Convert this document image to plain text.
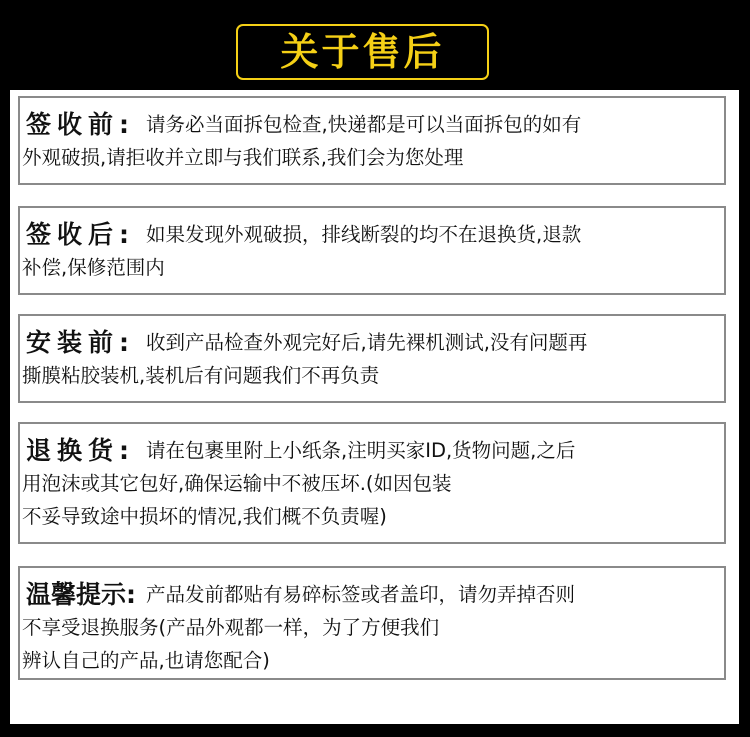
关于售后
签收前: 请务必当面拆包检查,快递都是可以当面拆包的如有
外观破损,请拒收并立即与我们联系,我们会为您处理
签收后: 如果发现外观破损，排线断裂的均不在退换货,退款
补偿,保修范围内
安装前: 收到产品检查外观完好后,请先裸机测试,没有问题再
撕膜粘胶装机,装机后有问题我们不再负责
退换货: 请在包裹里附上小纸条,注明买家ID,货物问题,之后
用泡沫或其它包好,确保运输中不被压坏.(如因包装
不妥导致途中损坏的情况,我们概不负责喔)
温馨提示: 产品发前都贴有易碎标签或者盖印，请勿弄掉否则
不享受退换服务(产品外观都一样，为了方便我们
辨认自己的产品,也请您配合)
